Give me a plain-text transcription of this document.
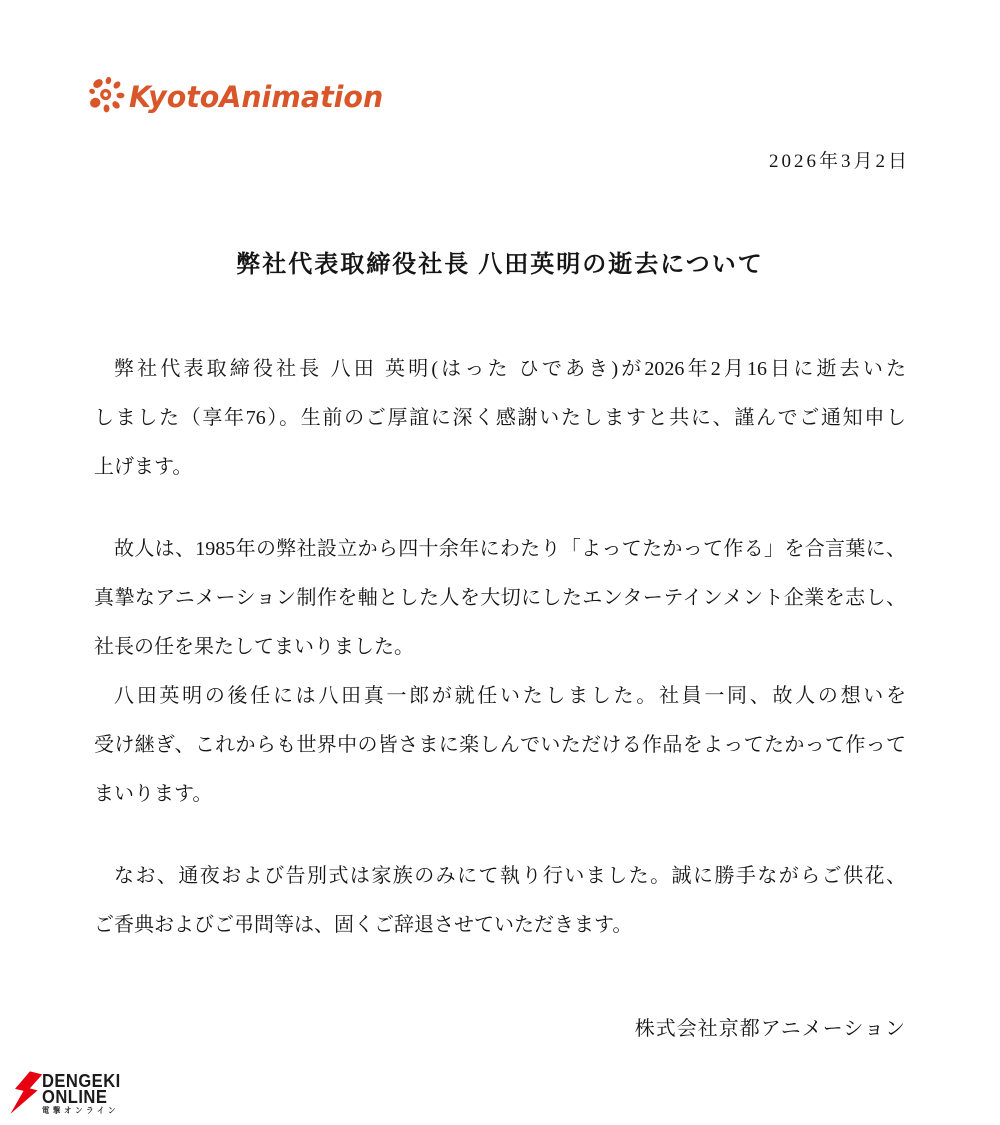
KyotoAnimation
2026年3月2日
弊社代表取締役社長 八田英明の逝去について

弊社代表取締役社長 八田 英明(はった ひであき)が2026年2月16日に逝去いた
しました（享年76）。生前のご厚誼に深く感謝いたしますと共に、謹んでご通知申し
上げます。

故人は、1985年の弊社設立から四十余年にわたり「よってたかって作る」を合言葉に、
真摯なアニメーション制作を軸とした人を大切にしたエンターテインメント企業を志し、
社長の任を果たしてまいりました。

八田英明の後任には八田真一郎が就任いたしました。社員一同、故人の想いを
受け継ぎ、これからも世界中の皆さまに楽しんでいただける作品をよってたかって作って
まいります。

なお、通夜および告別式は家族のみにて執り行いました。誠に勝手ながらご供花、
ご香典およびご弔問等は、固くご辞退させていただきます。

株式会社京都アニメーション
DENGEKI
ONLINE
電撃オンライン
